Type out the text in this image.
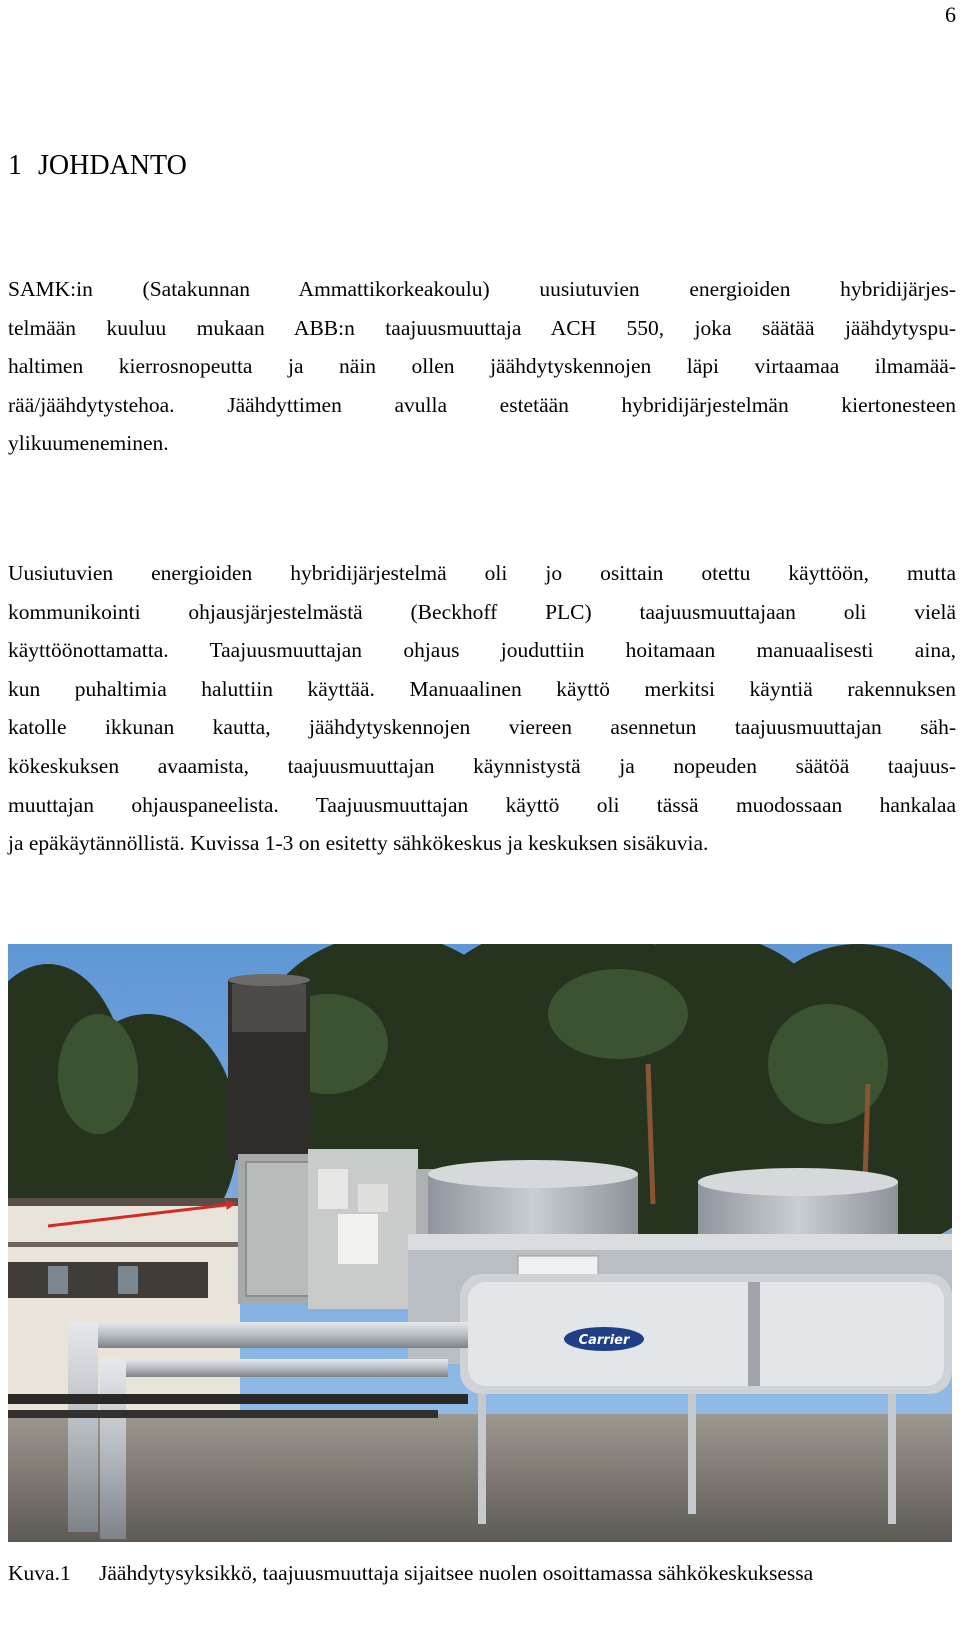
6
1 JOHDANTO

SAMK:in (Satakunnan Ammattikorkeakoulu) uusiutuvien energioiden hybridijärjes-
telmään kuuluu mukaan ABB:n taajuusmuuttaja ACH 550, joka säätää jäähdytyspu-
haltimen kierrosnopeutta ja näin ollen jäähdytyskennojen läpi virtaamaa ilmamää-
rää/jäähdytystehoa. Jäähdyttimen avulla estetään hybridijärjestelmän kiertonesteen
ylikuumeneminen.

Uusiutuvien energioiden hybridijärjestelmä oli jo osittain otettu käyttöön, mutta
kommunikointi ohjausjärjestelmästä (Beckhoff PLC) taajuusmuuttajaan oli vielä
käyttöönottamatta. Taajuusmuuttajan ohjaus jouduttiin hoitamaan manuaalisesti aina,
kun puhaltimia haluttiin käyttää. Manuaalinen käyttö merkitsi käyntiä rakennuksen
katolle ikkunan kautta, jäähdytyskennojen viereen asennetun taajuusmuuttajan säh-
kökeskuksen avaamista, taajuusmuuttajan käynnistystä ja nopeuden säätöä taajuus-
muuttajan ohjauspaneelista. Taajuusmuuttajan käyttö oli tässä muodossaan hankalaa
ja epäkäytännöllistä. Kuvissa 1-3 on esitetty sähkökeskus ja keskuksen sisäkuvia.

Carrier
Kuva.1 Jäähdytysyksikkö, taajuusmuuttaja sijaitsee nuolen osoittamassa sähkökeskuksessa
